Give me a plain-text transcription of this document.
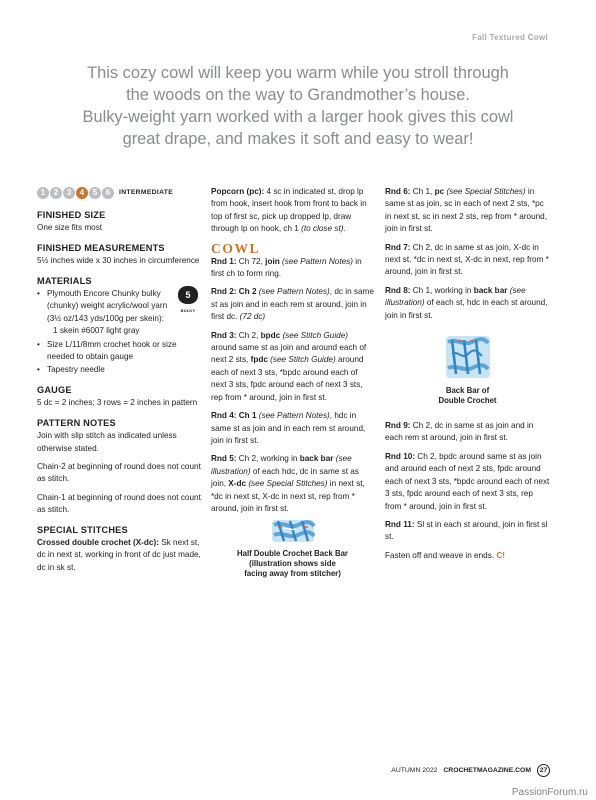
Fall Textured Cowl
This cozy cowl will keep you warm while you stroll through
the woods on the way to Grandmother’s house.
Bulky-weight yarn worked with a larger hook gives this cowl
great drape, and makes it soft and easy to wear!
1	2	3	4	5	6	INTERMEDIATE
FINISHED SIZE

One size fits most

FINISHED MEASUREMENTS

5½ inches wide x 30 inches in circumference

MATERIALS
• Plymouth Encore Chunky bulky (chunky) weight acrylic/wool yarn (3½ oz/143 yds/100g per skein):
1 skein #6007 light gray
5
BULKY
• Size L/11/8mm crochet hook or size needed to obtain gauge
• Tapestry needle
GAUGE

5 dc = 2 inches; 3 rows = 2 inches in pattern

PATTERN NOTES

Join with slip stitch as indicated unless otherwise stated.

Chain-2 at beginning of round does not count as stitch.

Chain-1 at beginning of round does not count as stitch.

SPECIAL STITCHES

Crossed double crochet (X-dc): Sk next st, dc in next st, working in front of dc just made, dc in sk st.

Popcorn (pc): 4 sc in indicated st, drop lp from hook, insert hook from front to back in top of first sc, pick up dropped lp, draw through lp on hook, ch 1 (to close st).

COWL

Rnd 1: Ch 72, join (see Pattern Notes) in first ch to form ring.

Rnd 2: Ch 2 (see Pattern Notes), dc in same st as join and in each rem st around, join in first dc. (72 dc)

Rnd 3: Ch 2, bpdc (see Stitch Guide) around same st as join and around each of next 2 sts, fpdc (see Stitch Guide) around each of next 3 sts, *bpdc around each of next 3 sts, fpdc around each of next 3 sts, rep from * around, join in first st.

Rnd 4: Ch 1 (see Pattern Notes), hdc in same st as join and in each rem st around, join in first st.

Rnd 5: Ch 2, working in back bar (see illustration) of each hdc, dc in same st as join, X-dc (see Special Stitches) in next st, *dc in next st, X-dc in next st, rep from * around, join in first st.

Half Double Crochet Back Bar
(illustration shows side
facing away from stitcher)

Rnd 6: Ch 1, pc (see Special Stitches) in same st as join, sc in each of next 2 sts, *pc in next st, sc in next 2 sts, rep from * around, join in first st.

Rnd 7: Ch 2, dc in same st as join, X-dc in next st, *dc in next st, X-dc in next, rep from * around, join in first st.

Rnd 8: Ch 1, working in back bar (see illustration) of each st, hdc in each st around, join in first st.

Back Bar of
Double Crochet

Rnd 9: Ch 2, dc in same st as join and in each rem st around, join in first st.

Rnd 10: Ch 2, bpdc around same st as join and around each of next 2 sts, fpdc around each of next 3 sts, *bpdc around each of next 3 sts, fpdc around each of next 3 sts, rep from * around, join in first st.

Rnd 11: Sl st in each st around, join in first sl st.

Fasten off and weave in ends. C!

AUTUMN 2022 CROCHETMAGAZINE.COM	27
PassionForum.ru
